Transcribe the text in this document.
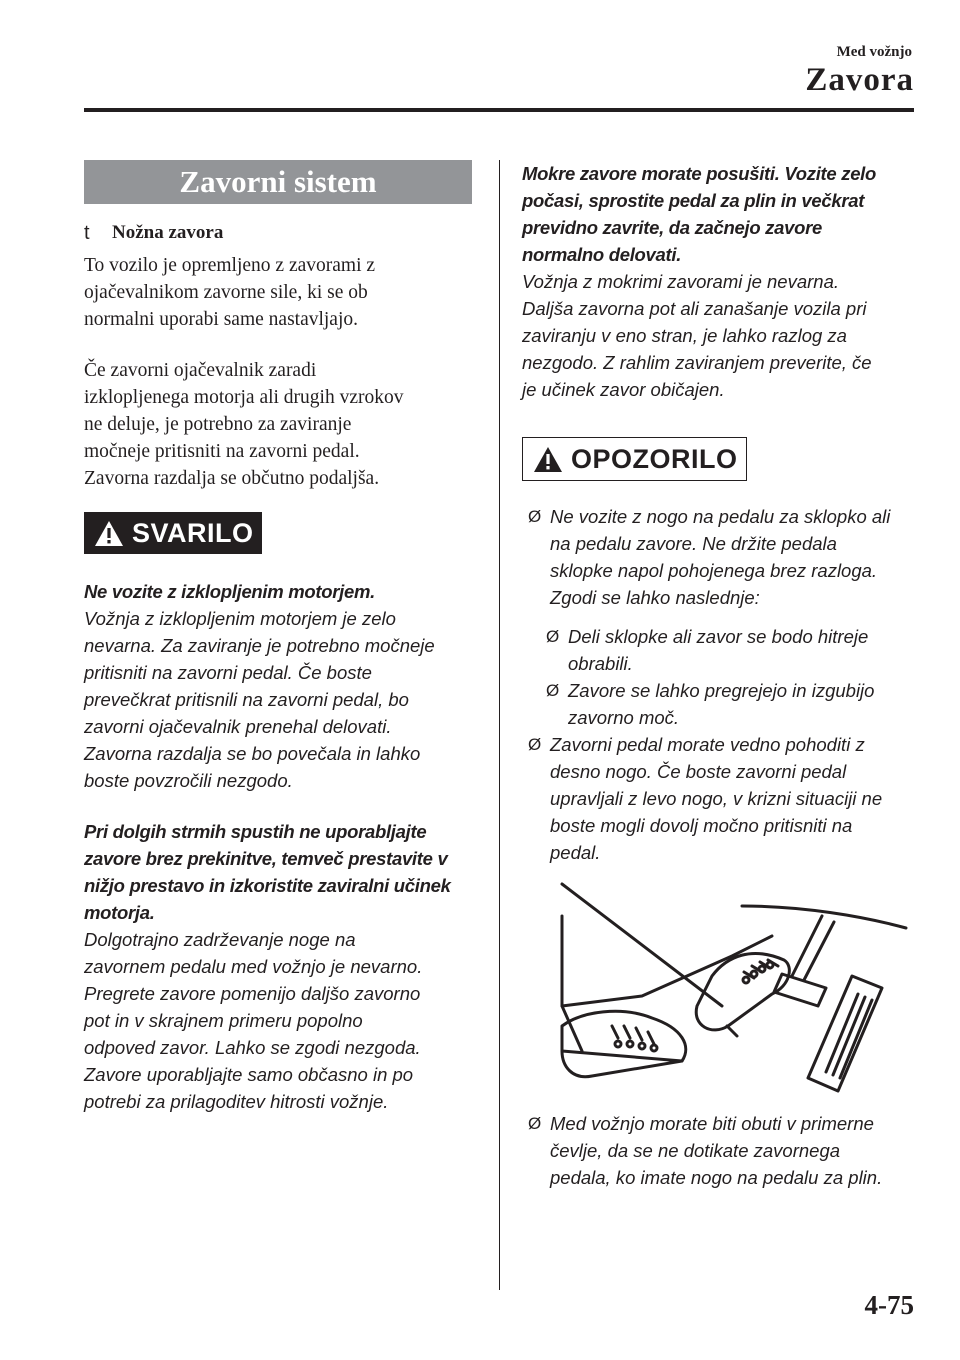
Med vožnjo
Zavora
Zavorni sistem
t	Nožna zavora

To vozilo je opremljeno z zavorami z
ojačevalnikom zavorne sile, ki se ob
normalni uporabi same nastavljajo.

Če zavorni ojačevalnik zaradi
izklopljenega motorja ali drugih vzrokov
ne deluje, je potrebno za zaviranje
močneje pritisniti na zavorni pedal.
Zavorna razdalja se občutno podaljša.

SVARILO

Ne vozite z izklopljenim motorjem.
Vožnja z izklopljenim motorjem je zelo
nevarna. Za zaviranje je potrebno močneje
pritisniti na zavorni pedal. Če boste
prevečkrat pritisnili na zavorni pedal, bo
zavorni ojačevalnik prenehal delovati.
Zavorna razdalja se bo povečala in lahko
boste povzročili nezgodo.

Pri dolgih strmih spustih ne uporabljajte
zavore brez prekinitve, temveč prestavite v
nižjo prestavo in izkoristite zaviralni učinek
motorja.
Dolgotrajno zadrževanje noge na
zavornem pedalu med vožnjo je nevarno.
Pregrete zavore pomenijo daljšo zavorno
pot in v skrajnem primeru popolno
odpoved zavor. Lahko se zgodi nezgoda.
Zavore uporabljajte samo občasno in po
potrebi za prilagoditev hitrosti vožnje.

Mokre zavore morate posušiti. Vozite zelo
počasi, sprostite pedal za plin in večkrat
previdno zavrite, da začnejo zavore
normalno delovati.
Vožnja z mokrimi zavorami je nevarna.
Daljša zavorna pot ali zanašanje vozila pri
zaviranju v eno stran, je lahko razlog za
nezgodo. Z rahlim zaviranjem preverite, če
je učinek zavor običajen.

OPOZORILO

Ø Ne vozite z nogo na pedalu za sklopko ali
na pedalu zavore. Ne držite pedala
sklopke napol pohojenega brez razloga.
Zgodi se lahko naslednje:

Ø Deli sklopke ali zavor se bodo hitreje
obrabili.

Ø Zavore se lahko pregrejejo in izgubijo
zavorno moč.

Ø Zavorni pedal morate vedno pohoditi z
desno nogo. Če boste zavorni pedal
upravljali z levo nogo, v krizni situaciji ne
boste mogli dovolj močno pritisniti na
pedal.

Ø Med vožnjo morate biti obuti v primerne
čevlje, da se ne dotikate zavornega
pedala, ko imate nogo na pedalu za plin.

4-75
